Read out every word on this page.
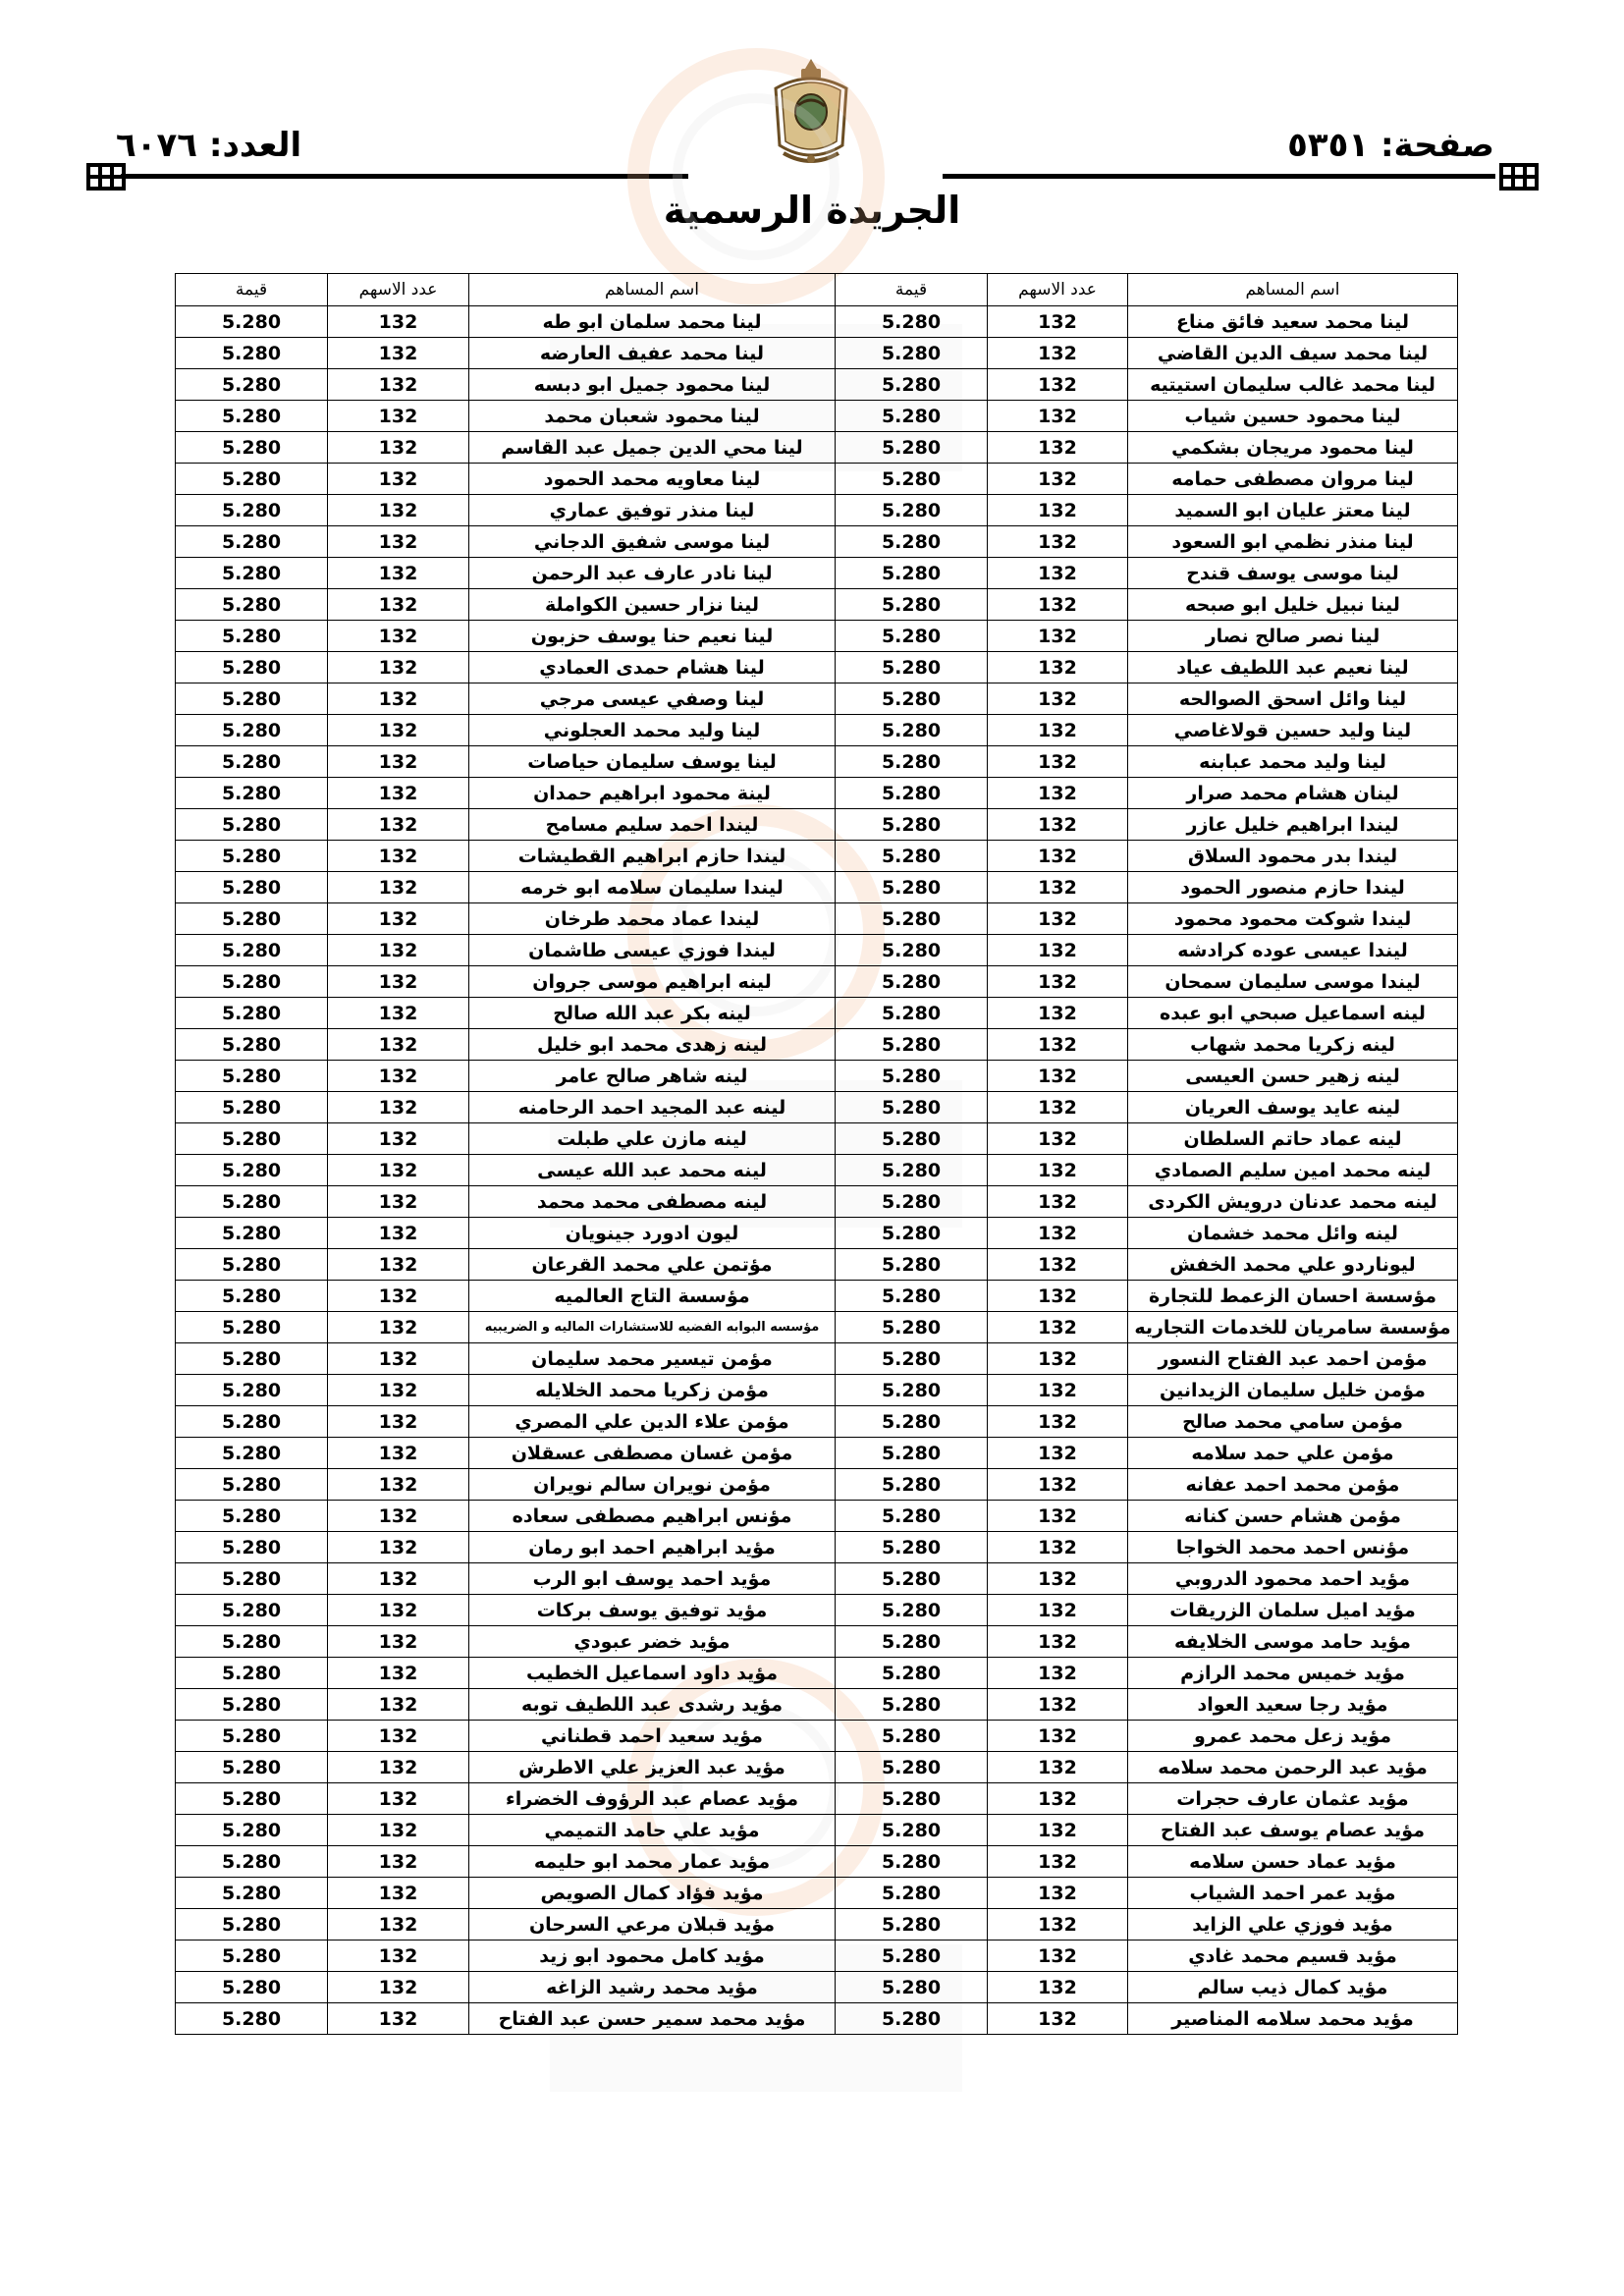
صفحة: ٥٣٥١
العدد: ٦٠٧٦
الجريدة الرسمية
اسم المساهم	عدد الاسهم	قيمة	اسم المساهم	عدد الاسهم	قيمة
لينا محمد سعيد فائق مناع	132	5.280	لينا محمد سلمان ابو طه	132	5.280
لينا محمد سيف الدين القاضي	132	5.280	لينا محمد عفيف العارضه	132	5.280
لينا محمد غالب سليمان استيتيه	132	5.280	لينا محمود جميل ابو دبسه	132	5.280
لينا محمود حسين شياب	132	5.280	لينا محمود شعبان محمد	132	5.280
لينا محمود مريجان بشكمي	132	5.280	لينا محي الدين جميل عبد القاسم	132	5.280
لينا مروان مصطفى حمامه	132	5.280	لينا معاويه محمد الحمود	132	5.280
لينا معتز عليان ابو السميد	132	5.280	لينا منذر توفيق عماري	132	5.280
لينا منذر نظمي ابو السعود	132	5.280	لينا موسى شفيق الدجاني	132	5.280
لينا موسى يوسف قندح	132	5.280	لينا نادر عارف عبد الرحمن	132	5.280
لينا نبيل خليل ابو صبحه	132	5.280	لينا نزار حسين الكواملة	132	5.280
لينا نصر صالح نصار	132	5.280	لينا نعيم حنا يوسف حزبون	132	5.280
لينا نعيم عبد اللطيف عياد	132	5.280	لينا هشام حمدى العمادي	132	5.280
لينا وائل اسحق الصوالحه	132	5.280	لينا وصفي عيسى مرجي	132	5.280
لينا وليد حسين قولاغاصي	132	5.280	لينا وليد محمد العجلوني	132	5.280
لينا وليد محمد عبابنه	132	5.280	لينا يوسف سليمان حياصات	132	5.280
لينان هشام محمد صرار	132	5.280	لينة محمود ابراهيم حمدان	132	5.280
ليندا ابراهيم خليل عازر	132	5.280	ليندا احمد سليم مسامح	132	5.280
ليندا بدر محمود السلاق	132	5.280	ليندا حازم ابراهيم القطيشات	132	5.280
ليندا حازم منصور الحمود	132	5.280	ليندا سليمان سلامه ابو خرمه	132	5.280
ليندا شوكت محمود محمود	132	5.280	ليندا عماد محمد طرخان	132	5.280
ليندا عيسى عوده كرادشه	132	5.280	ليندا فوزي عيسى طاشمان	132	5.280
ليندا موسى سليمان سمحان	132	5.280	لينه ابراهيم موسى جروان	132	5.280
لينه اسماعيل صبحي ابو عبده	132	5.280	لينه بكر عبد الله صالح	132	5.280
لينه زكريا محمد شهاب	132	5.280	لينه زهدى محمد ابو خليل	132	5.280
لينه زهير حسن العيسى	132	5.280	لينه شاهر صالح عامر	132	5.280
لينه عايد يوسف العريان	132	5.280	لينه عبد المجيد احمد الرحامنه	132	5.280
لينه عماد حاتم السلطان	132	5.280	لينه مازن علي طبلت	132	5.280
لينه محمد امين سليم الصمادي	132	5.280	لينه محمد عبد الله عيسى	132	5.280
لينه محمد عدنان درويش الكردى	132	5.280	لينه مصطفى محمد محمد	132	5.280
لينه وائل محمد خشمان	132	5.280	ليون ادورد جينويان	132	5.280
ليوناردو علي محمد الخفش	132	5.280	مؤتمن علي محمد القرعان	132	5.280
مؤسسة احسان الزعمط للتجارة	132	5.280	مؤسسة التاج العالميه	132	5.280
مؤسسة سامريان للخدمات التجاريه	132	5.280	مؤسسه البوابه الفضيه للاستشارات الماليه و الضريبيه	132	5.280
مؤمن احمد عبد الفتاح النسور	132	5.280	مؤمن تيسير محمد سليمان	132	5.280
مؤمن خليل سليمان الزيدانين	132	5.280	مؤمن زكريا محمد الخلايله	132	5.280
مؤمن سامي محمد صالح	132	5.280	مؤمن علاء الدين علي المصري	132	5.280
مؤمن علي حمد سلامه	132	5.280	مؤمن غسان مصطفى عسقلان	132	5.280
مؤمن محمد احمد عفانه	132	5.280	مؤمن نويران سالم نويران	132	5.280
مؤمن هشام حسن كنانه	132	5.280	مؤنس ابراهيم مصطفى سعاده	132	5.280
مؤنس احمد محمد الخواجا	132	5.280	مؤيد ابراهيم احمد ابو رمان	132	5.280
مؤيد احمد محمود الدروبي	132	5.280	مؤيد احمد يوسف ابو الرب	132	5.280
مؤيد اميل سلمان الزريقات	132	5.280	مؤيد توفيق يوسف بركات	132	5.280
مؤيد حامد موسى الخلايفه	132	5.280	مؤيد خضر عبودي	132	5.280
مؤيد خميس محمد الرازم	132	5.280	مؤيد داود اسماعيل الخطيب	132	5.280
مؤيد رجا سعيد العواد	132	5.280	مؤيد رشدى عبد اللطيف توبه	132	5.280
مؤيد زعل محمد عمرو	132	5.280	مؤيد سعيد احمد قطناني	132	5.280
مؤيد عبد الرحمن محمد سلامه	132	5.280	مؤيد عبد العزيز علي الاطرش	132	5.280
مؤيد عثمان عارف حجرات	132	5.280	مؤيد عصام عبد الرؤوف الخضراء	132	5.280
مؤيد عصام يوسف عبد الفتاح	132	5.280	مؤيد علي حامد التميمي	132	5.280
مؤيد عماد حسن سلامه	132	5.280	مؤيد عمار محمد ابو حليمه	132	5.280
مؤيد عمر احمد الشياب	132	5.280	مؤيد فؤاد كمال الصويص	132	5.280
مؤيد فوزي علي الزايد	132	5.280	مؤيد قبلان مرعي السرحان	132	5.280
مؤيد قسيم محمد غادي	132	5.280	مؤيد كامل محمود ابو زيد	132	5.280
مؤيد كمال ذيب سالم	132	5.280	مؤيد محمد رشيد الزاغه	132	5.280
مؤيد محمد سلامه المناصير	132	5.280	مؤيد محمد سمير حسن عبد الفتاح	132	5.280
